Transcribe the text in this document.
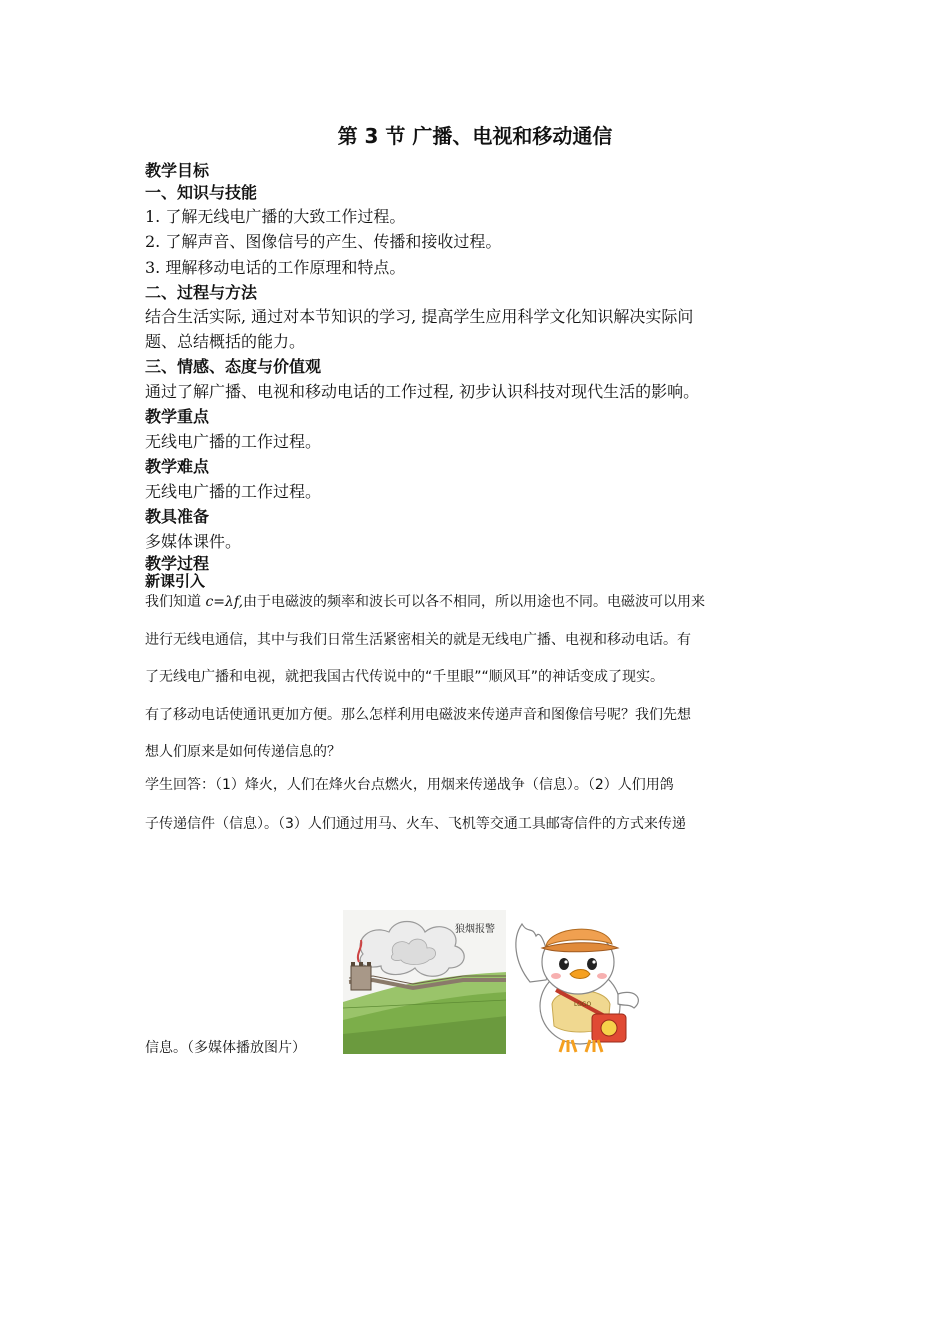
第 3 节 广播、电视和移动通信
教学目标
一、知识与技能
1. 了解无线电广播的大致工作过程。
2. 了解声音、图像信号的产生、传播和接收过程。
3. 理解移动电话的工作原理和特点。
二、过程与方法
结合生活实际, 通过对本节知识的学习, 提高学生应用科学文化知识解决实际问
题、总结概括的能力。
三、情感、态度与价值观
通过了解广播、电视和移动电话的工作过程, 初步认识科技对现代生活的影响。
教学重点
无线电广播的工作过程。
教学难点
无线电广播的工作过程。
教具准备
多媒体课件。
教学过程
新课引入
我们知道 c=λf,由于电磁波的频率和波长可以各不相同，所以用途也不同。电磁波可以用来
进行无线电通信，其中与我们日常生活紧密相关的就是无线电广播、电视和移动电话。有
了无线电广播和电视，就把我国古代传说中的“千里眼”“顺风耳”的神话变成了现实。
有了移动电话使通讯更加方便。那么怎样利用电磁波来传递声音和图像信号呢？我们先想
想人们原来是如何传递信息的？
学生回答：（1）烽火，人们在烽火台点燃火，用烟来传递战争（信息）。（2）人们用鸽
子传递信件（信息）。（3）人们通过用马、火车、飞机等交通工具邮寄信件的方式来传递
信息。（多媒体播放图片）
狼烟报警
LOGO
